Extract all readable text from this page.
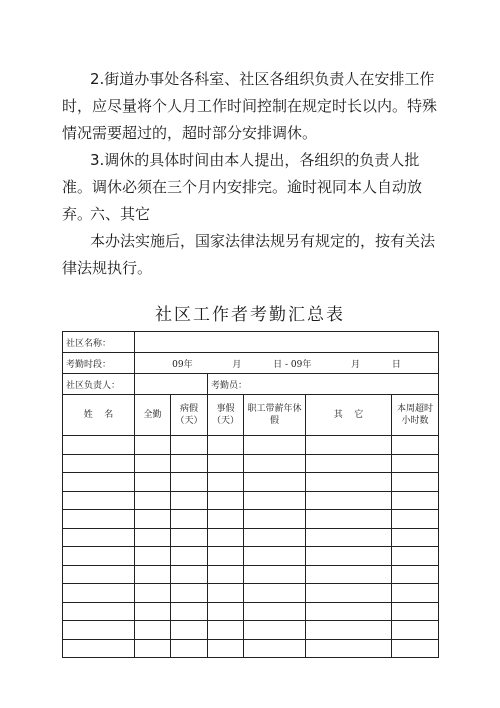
2.街道办事处各科室、社区各组织负责人在安排工作时，应尽量将个人月工作时间控制在规定时长以内。特殊情况需要超过的，超时部分安排调休。

3.调休的具体时间由本人提出，各组织的负责人批准。调休必须在三个月内安排完。逾时视同本人自动放弃。

六、其它

本办法实施后，国家法律法规另有规定的，按有关法律法规执行。

社区工作者考勤汇总表
社区名称：						
考勤时段：	09年 月 日 - 09年 月 日					
社区负责人：			考勤员：			
姓    名	全勤	病假（天）	事假（天）	职工带薪年休假	其    它	本周超时小时数
